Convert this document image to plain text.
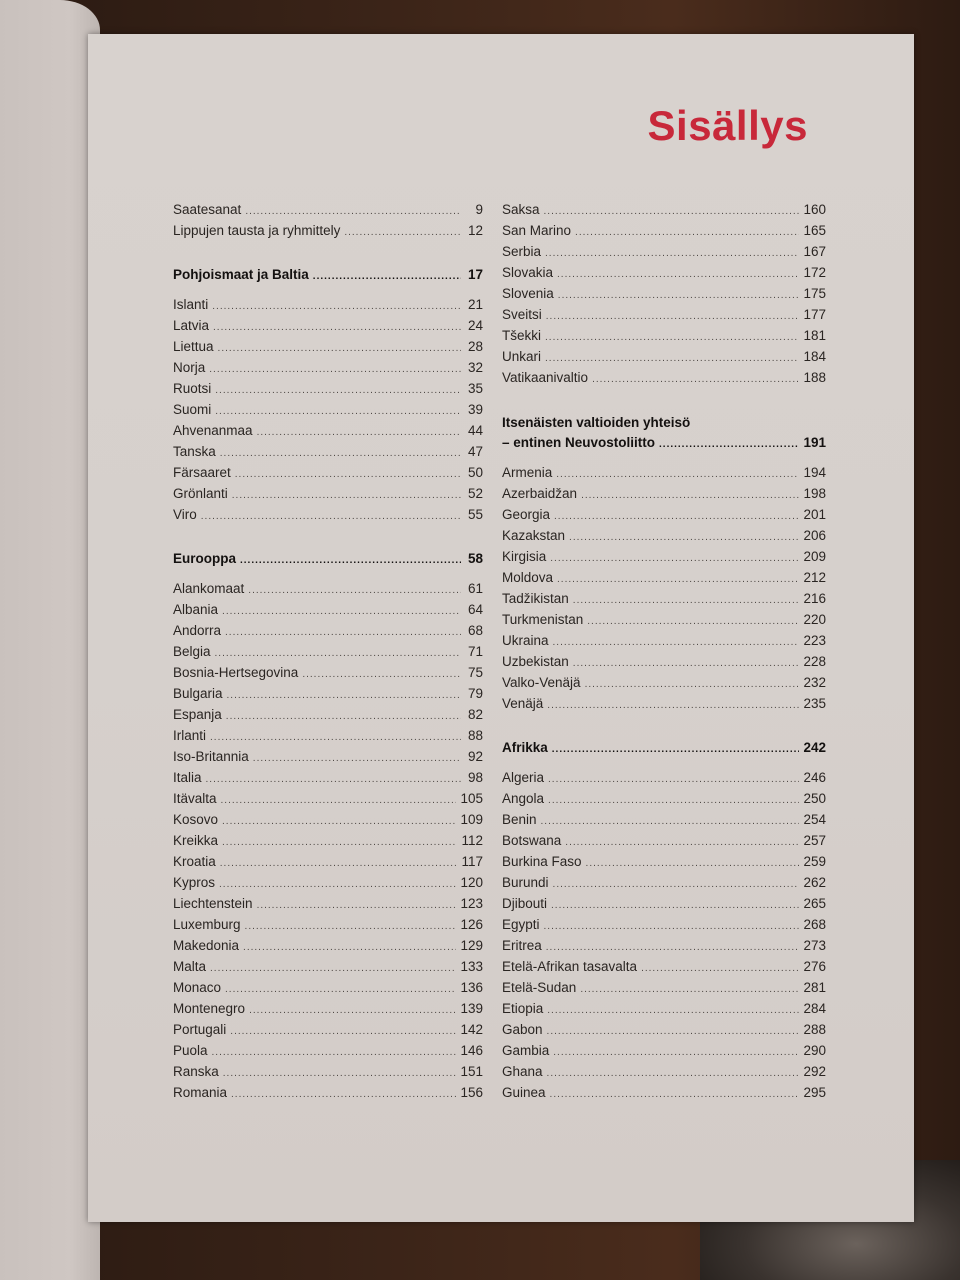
Sisällys
Saatesanat .....	9
Lippujen tausta ja ryhmittely .....	12
Pohjoismaat ja Baltia .....	17
Islanti .....	21
Latvia .....	24
Liettua .....	28
Norja .....	32
Ruotsi .....	35
Suomi .....	39
Ahvenanmaa .....	44
Tanska .....	47
Färsaaret .....	50
Grönlanti .....	52
Viro .....	55
Eurooppa .....	58
Alankomaat .....	61
Albania .....	64
Andorra .....	68
Belgia .....	71
Bosnia-Hertsegovina .....	75
Bulgaria .....	79
Espanja .....	82
Irlanti .....	88
Iso-Britannia .....	92
Italia .....	98
Itävalta .....	105
Kosovo .....	109
Kreikka .....	112
Kroatia .....	117
Kypros .....	120
Liechtenstein .....	123
Luxemburg .....	126
Makedonia .....	129
Malta .....	133
Monaco .....	136
Montenegro .....	139
Portugali .....	142
Puola .....	146
Ranska .....	151
Romania .....	156
Saksa .....	160
San Marino .....	165
Serbia .....	167
Slovakia .....	172
Slovenia .....	175
Sveitsi .....	177
Tšekki .....	181
Unkari .....	184
Vatikaanivaltio .....	188
Itsenäisten valtioiden yhteisö
– entinen Neuvostoliitto .....	191
Armenia .....	194
Azerbaidžan .....	198
Georgia .....	201
Kazakstan .....	206
Kirgisia .....	209
Moldova .....	212
Tadžikistan .....	216
Turkmenistan .....	220
Ukraina .....	223
Uzbekistan .....	228
Valko-Venäjä .....	232
Venäjä .....	235
Afrikka .....	242
Algeria .....	246
Angola .....	250
Benin .....	254
Botswana .....	257
Burkina Faso .....	259
Burundi .....	262
Djibouti .....	265
Egypti .....	268
Eritrea .....	273
Etelä-Afrikan tasavalta .....	276
Etelä-Sudan .....	281
Etiopia .....	284
Gabon .....	288
Gambia .....	290
Ghana .....	292
Guinea .....	295
